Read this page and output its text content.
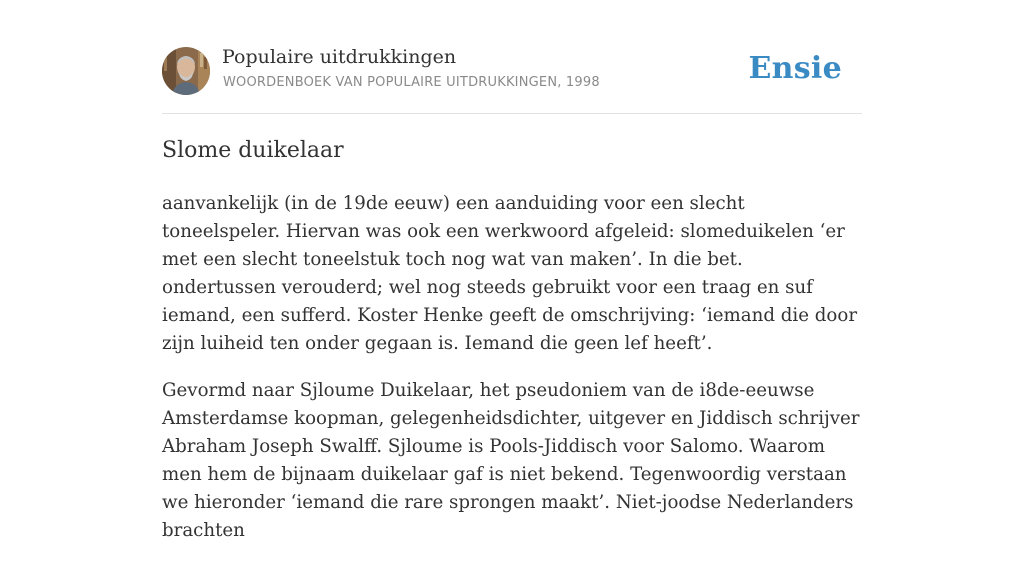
Populaire uitdrukkingen
WOORDENBOEK VAN POPULAIRE UITDRUKKINGEN, 1998	Ensie
Slome duikelaar

aanvankelijk (in de 19de eeuw) een aanduiding voor een slecht toneelspeler. Hiervan was ook een werkwoord afgeleid: slomeduikelen ‘er met een slecht toneelstuk toch nog wat van maken’. In die bet. ondertussen verouderd; wel nog steeds gebruikt voor een traag en suf iemand, een sufferd. Koster Henke geeft de omschrijving: ‘iemand die door zijn luiheid ten onder gegaan is. Iemand die geen lef heeft’.

Gevormd naar Sjloume Duikelaar, het pseudoniem van de i8de-eeuwse Amsterdamse koopman, gelegenheidsdichter, uitgever en Jiddisch schrijver Abraham Joseph Swalff. Sjloume is Pools-Jiddisch voor Salomo. Waarom men hem de bijnaam duikelaar gaf is niet bekend. Tegenwoordig verstaan we hieronder ‘iemand die rare sprongen maakt’. Niet-joodse Nederlanders brachten
